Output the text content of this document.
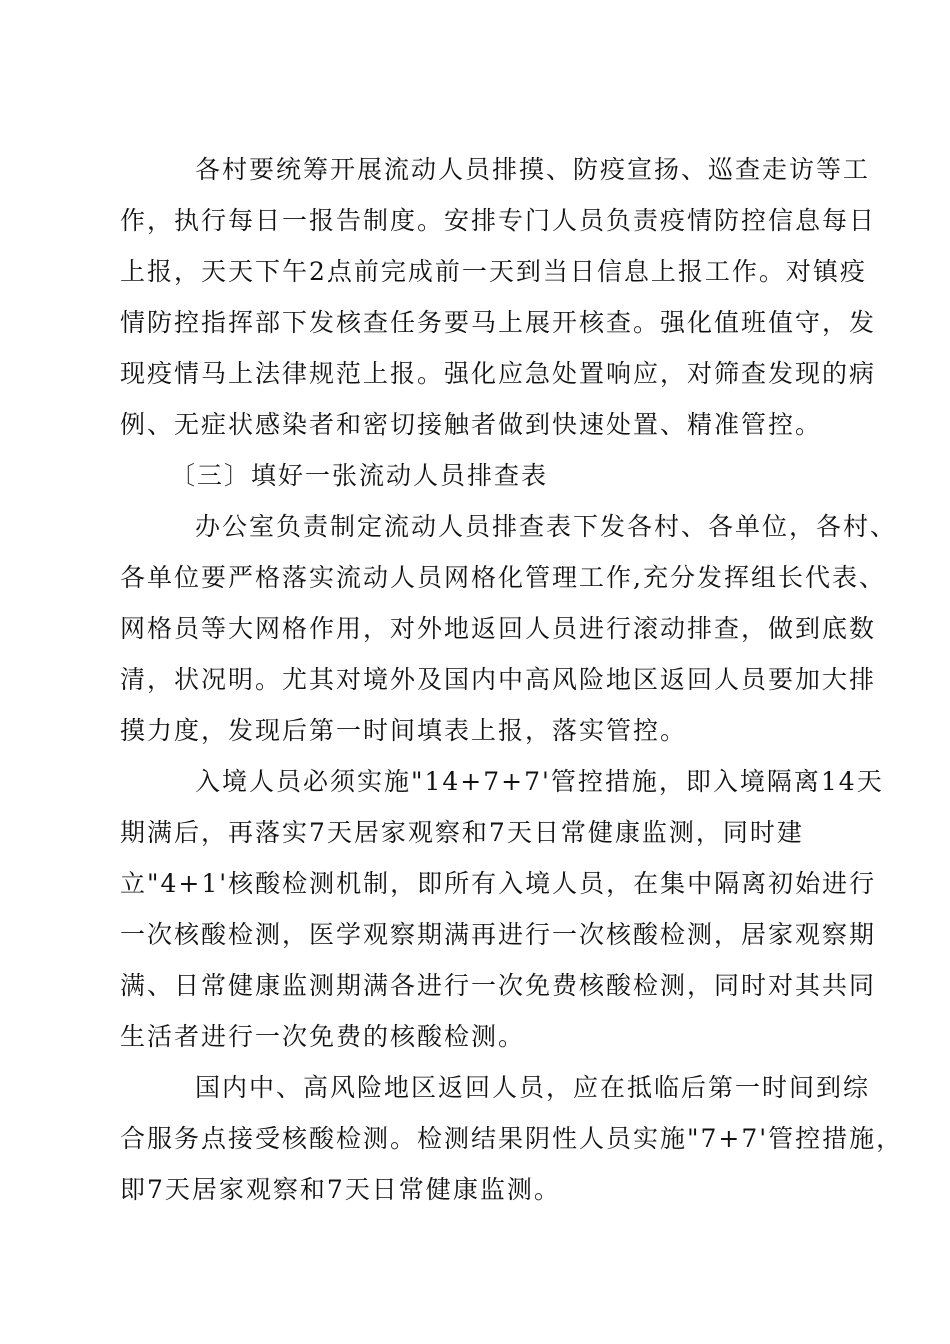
各村要统筹开展流动人员排摸、防疫宣扬、巡查走访等工

作，执行每日一报告制度。安排专门人员负责疫情防控信息每日

上报，天天下午2点前完成前一天到当日信息上报工作。对镇疫

情防控指挥部下发核查任务要马上展开核查。强化值班值守，发

现疫情马上法律规范上报。强化应急处置响应，对筛查发现的病

例、无症状感染者和密切接触者做到快速处置、精准管控。

〔三〕填好一张流动人员排查表

办公室负责制定流动人员排查表下发各村、各单位，各村、

各单位要严格落实流动人员网格化管理工作,充分发挥组长代表、

网格员等大网格作用，对外地返回人员进行滚动排查，做到底数

清，状况明。尤其对境外及国内中高风险地区返回人员要加大排

摸力度，发现后第一时间填表上报，落实管控。

入境人员必须实施"14+7+7'管控措施，即入境隔离14天

期满后，再落实7天居家观察和7天日常健康监测，同时建

立"4+1'核酸检测机制，即所有入境人员，在集中隔离初始进行

一次核酸检测，医学观察期满再进行一次核酸检测，居家观察期

满、日常健康监测期满各进行一次免费核酸检测，同时对其共同

生活者进行一次免费的核酸检测。

国内中、高风险地区返回人员，应在抵临后第一时间到综

合服务点接受核酸检测。检测结果阴性人员实施"7+7'管控措施，

即7天居家观察和7天日常健康监测。
